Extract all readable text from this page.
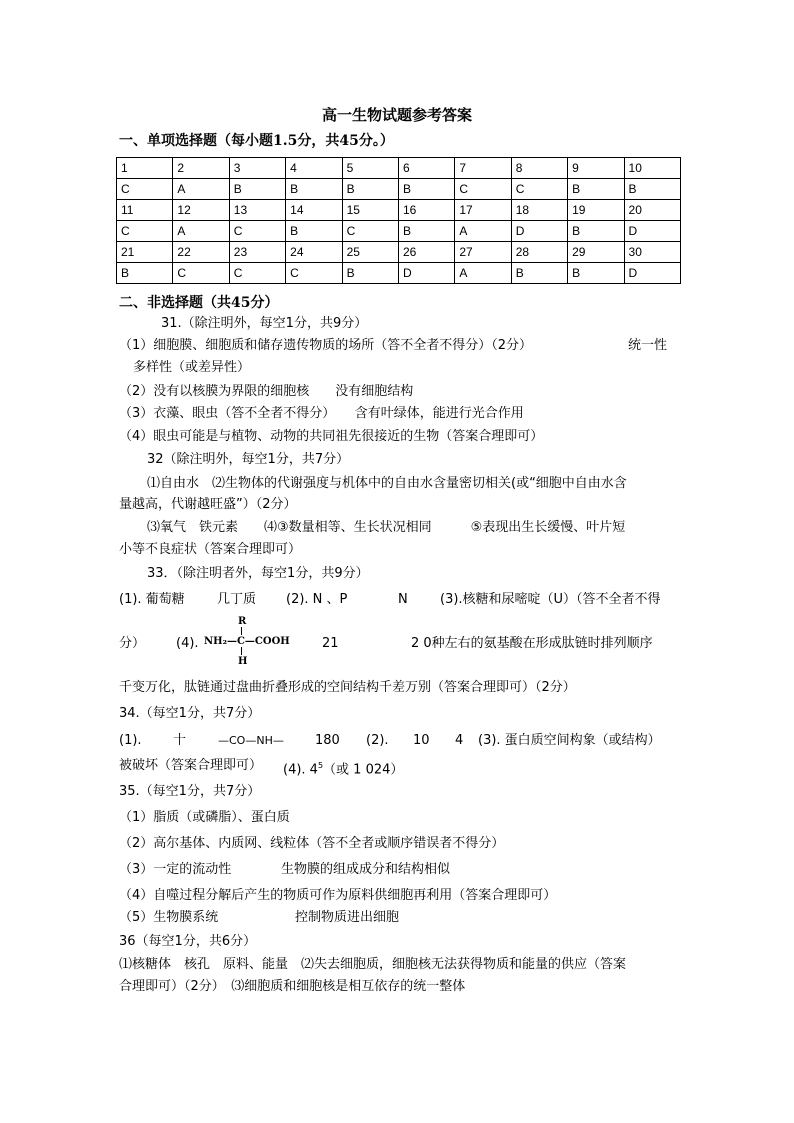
高一生物试题参考答案
一、单项选择题（每小题1.5分，共45分。）
1	2	3	4	5	6	7	8	9	10
C	A	B	B	B	B	C	C	B	B
11	12	13	14	15	16	17	18	19	20
C	A	C	B	C	B	A	D	B	D
21	22	23	24	25	26	27	28	29	30
B	C	C	C	B	D	A	B	B	D
二、非选择题（共45分）
31.（除注明外，每空1分，共9分）
（1）细胞膜、细胞质和储存遗传物质的场所（答不全者不得分）（2分）	统一性
多样性（或差异性）
（2）没有以核膜为界限的细胞核　　没有细胞结构
（3）衣藻、眼虫（答不全者不得分）　　含有叶绿体，能进行光合作用
（4）眼虫可能是与植物、动物的共同祖先很接近的生物（答案合理即可）
32（除注明外，每空1分，共7分）
⑴自由水　⑵生物体的代谢强度与机体中的自由水含量密切相关(或“细胞中自由水含
量越高，代谢越旺盛”）（2分）
⑶氧气　铁元素　　⑷③数量相等、生长状况相同　　　⑤表现出生长缓慢、叶片短
小等不良症状（答案合理即可）
33．（除注明者外，每空1分，共9分）
(1). 葡萄糖 几丁质 (2). N 、P	N (3).核糖和尿嘧啶（U）（答不全者不得
分） (4).
R
NH₂—C—COOH
H
21	2 0种左右的氨基酸在形成肽链时排列顺序
千变万化，肽链通过盘曲折叠形成的空间结构千差万别（答案合理即可）（2分）
34.（每空1分，共7分）
(1). 十	—CO—NH— 180 (2). 10 4 (3). 蛋白质空间构象（或结构）
被破坏（答案合理即可） (4). $4^5$（或 1 024）
35.（每空1分，共7分）
（1）脂质（或磷脂）、蛋白质
（2）高尔基体、内质网、线粒体（答不全者或顺序错误者不得分）
（3）一定的流动性	生物膜的组成成分和结构相似
（4）自噬过程分解后产生的物质可作为原料供细胞再利用（答案合理即可）
（5）生物膜系统	控制物质进出细胞
36（每空1分，共6分）
⑴核糖体　核孔　原料、能量　⑵失去细胞质，细胞核无法获得物质和能量的供应（答案
合理即可）（2分）　⑶细胞质和细胞核是相互依存的统一整体
